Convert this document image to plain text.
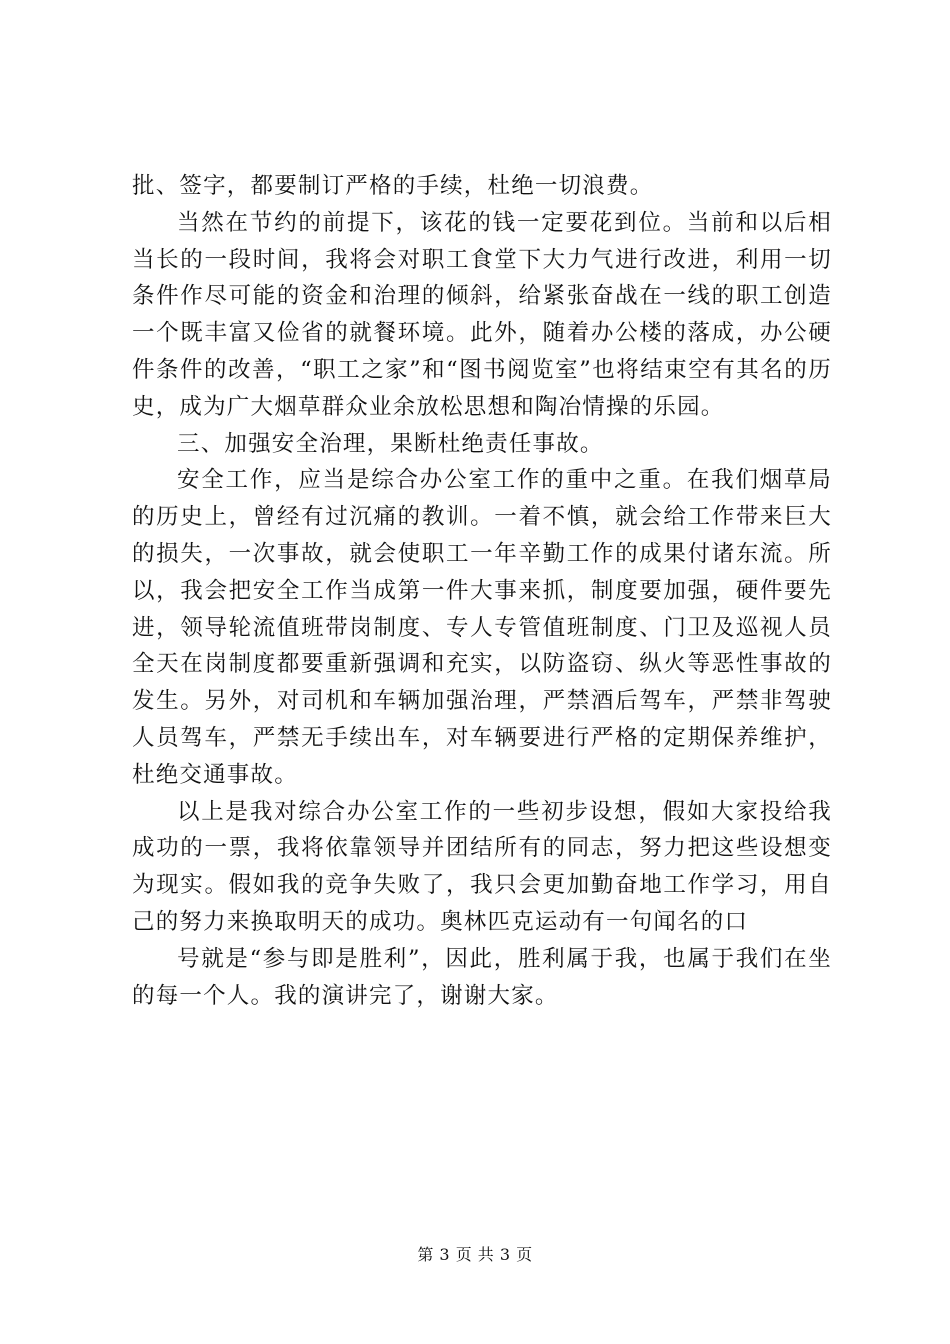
批、签字，都要制订严格的手续，杜绝一切浪费。

当然在节约的前提下，该花的钱一定要花到位。当前和以后相当长的一段时间，我将会对职工食堂下大力气进行改进，利用一切条件作尽可能的资金和治理的倾斜，给紧张奋战在一线的职工创造一个既丰富又俭省的就餐环境。此外，随着办公楼的落成，办公硬件条件的改善，“职工之家”和“图书阅览室”也将结束空有其名的历史，成为广大烟草群众业余放松思想和陶冶情操的乐园。

三、加强安全治理，果断杜绝责任事故。

安全工作，应当是综合办公室工作的重中之重。在我们烟草局的历史上，曾经有过沉痛的教训。一着不慎，就会给工作带来巨大的损失，一次事故，就会使职工一年辛勤工作的成果付诸东流。所以，我会把安全工作当成第一件大事来抓，制度要加强，硬件要先进，领导轮流值班带岗制度、专人专管值班制度、门卫及巡视人员全天在岗制度都要重新强调和充实，以防盗窃、纵火等恶性事故的发生。另外，对司机和车辆加强治理，严禁酒后驾车，严禁非驾驶人员驾车，严禁无手续出车，对车辆要进行严格的定期保养维护，杜绝交通事故。

以上是我对综合办公室工作的一些初步设想，假如大家投给我成功的一票，我将依靠领导并团结所有的同志，努力把这些设想变为现实。假如我的竞争失败了，我只会更加勤奋地工作学习，用自己的努力来换取明天的成功。奥林匹克运动有一句闻名的口

号就是“参与即是胜利”，因此，胜利属于我，也属于我们在坐的每一个人。我的演讲完了，谢谢大家。

第 3 页 共 3 页
